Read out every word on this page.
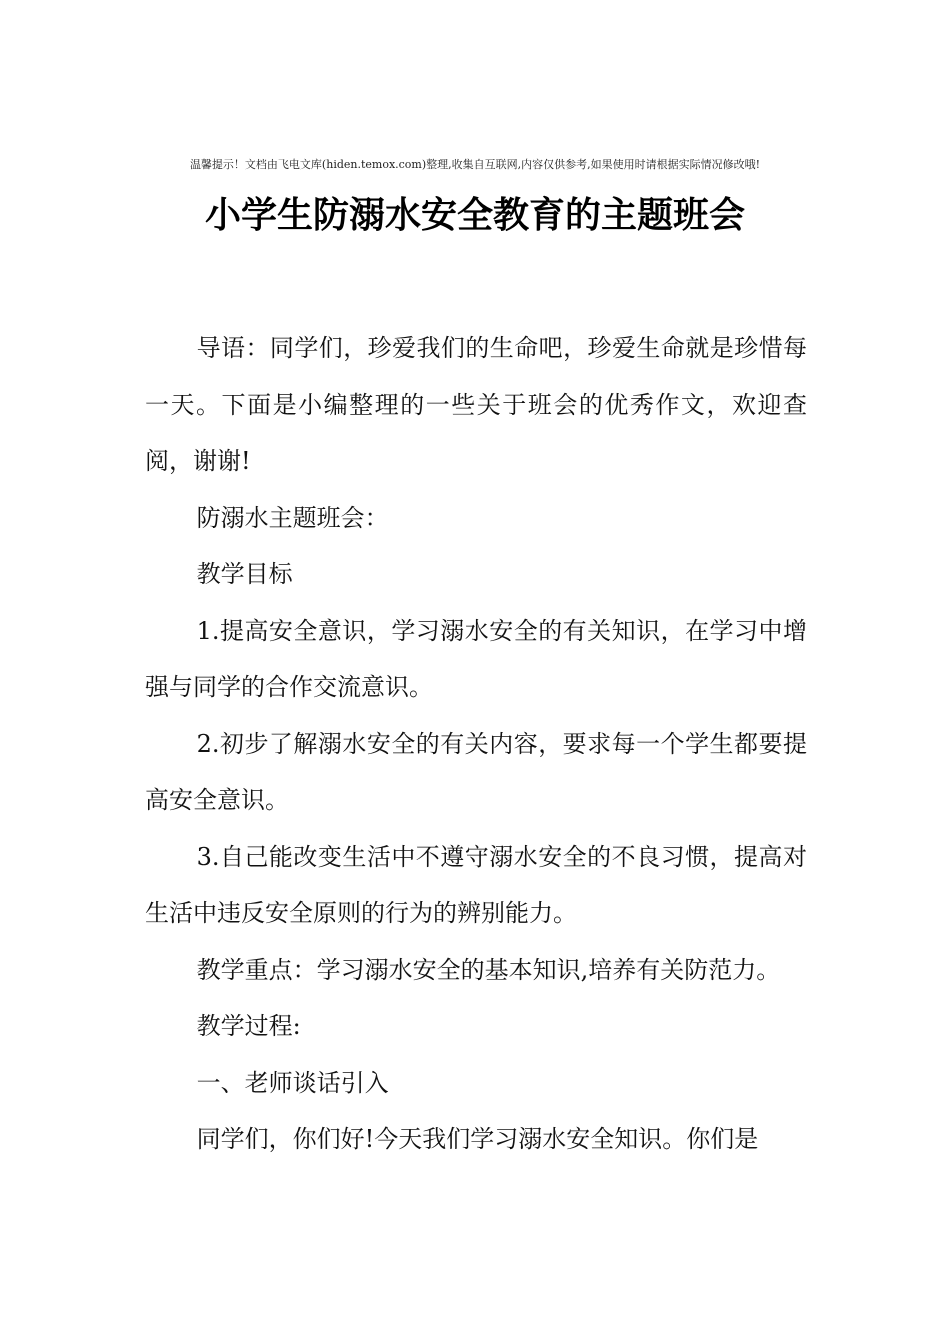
温馨提示！文档由飞电文库(hiden.temox.com)整理,收集自互联网,内容仅供参考,如果使用时请根据实际情况修改哦!
小学生防溺水安全教育的主题班会

导语：同学们，珍爱我们的生命吧，珍爱生命就是珍惜每一天。下面是小编整理的一些关于班会的优秀作文，欢迎查阅，谢谢!

防溺水主题班会：

教学目标

1.提高安全意识，学习溺水安全的有关知识，在学习中增强与同学的合作交流意识。

2.初步了解溺水安全的有关内容，要求每一个学生都要提高安全意识。

3.自己能改变生活中不遵守溺水安全的不良习惯，提高对生活中违反安全原则的行为的辨别能力。

教学重点：学习溺水安全的基本知识,培养有关防范力。

教学过程:

一、老师谈话引入

同学们，你们好!今天我们学习溺水安全知识。你们是
